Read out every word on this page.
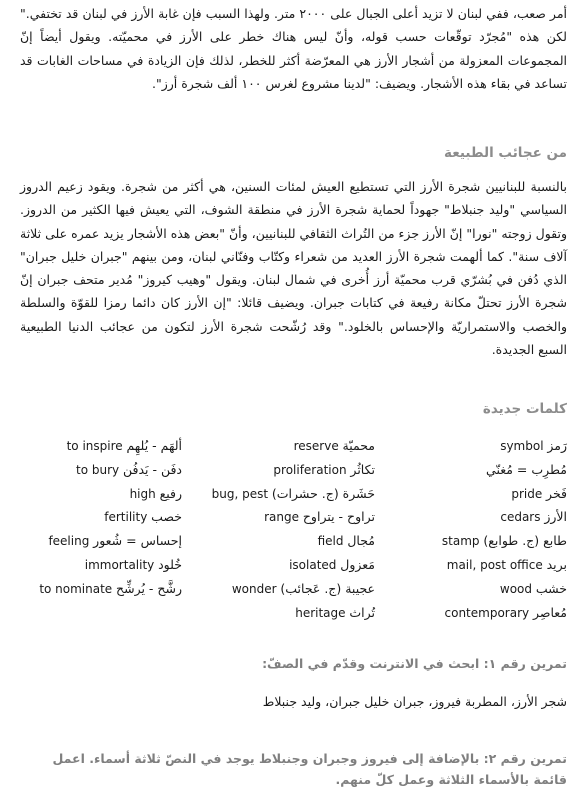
أمر صعب، ففي لبنان لا تزيد أعلى الجبال على ٢٠٠٠ متر. ولهذا السبب فإن غابة الأرز في لبنان قد تختفي." لكن هذه "مُجرّد توقّعات حسب قوله، وأنّ ليس هناك خطر على الأرز في محميّته. ويقول أيضاً إنّ المجموعات المعزولة من أشجار الأرز هي المعرّضة أكثر للخطر، لذلك فإن الزيادة في مساحات الغابات قد تساعد في بقاء هذه الأشجار. ويضيف: "لدينا مشروع لغرس ١٠٠ ألف شجرة أرز".

من عجائب الطبيعة

بالنسبة للبنانيين شجرة الأرز التي تستطيع العيش لمئات السنين، هي أكثر من شجرة. ويقود زعيم الدروز السياسي "وليد جنبلاط" جهوداً لحماية شجرة الأرز في منطقة الشوف، التي يعيش فيها الكثير من الدروز. وتقول زوجته "نورا" إنّ الأرز جزء من التُراث الثقافي للبنانيين، وأنّ "بعض هذه الأشجار يزيد عمره على ثلاثة آلاف سنة". كما ألهمت شجرة الأرز العديد من شعراء وكتّاب وفنّاني لبنان، ومن بينهم "جبران خليل جبران" الذي دُفن في بُشرّي قرب محميّة أرز أُخرى في شمال لبنان. ويقول "وهيب كيروز" مُدير متحف جبران إنّ شجرة الأرز تحتلّ مكانة رفيعة في كتابات جبران. ويضيف قائلا: "إن الأرز كان دائما رمزا للقوّة والسلطة والخصب والاستمراريّة والإحساس بالخلود." وقد رُشّحت شجرة الأرز لتكون من عجائب الدنيا الطبيعية السبع الجديدة.

كلمات جديدة
رَمز symbol
مُطرِب = مُغنّي
فَخر pride
الأرز cedars
طابع (ج. طوابع) stamp
بريد mail, post office
خشب wood
مُعاصِر contemporary
محميّة reserve
تكاثُر proliferation
حَشَرة (ج. حشرات) bug, pest
تراوح - يتراوح range
مُجال field
مَعزول isolated
عجيبة (ج. عَجائب) wonder
تُراث heritage
ألهَم - يُلهِم to inspire
دفَن - يَدفُن to bury
رفيع high
خصب fertility
إحساس = شُعور feeling
خُلود immortality
رشَّح - يُرشِّح to nominate
تمرين رقم ١: ابحث في الانترنت وقدّم في الصفّ:

شجر الأرز، المطربة فيروز، جبران خليل جبران، وليد جنبلاط

تمرين رقم ٢: بالإضافة إلى فيروز وجبران وجنبلاط يوجد في النصّ ثلاثة أسماء. اعمل قائمة بالأسماء الثلاثة وعمل كلّ منهم.
